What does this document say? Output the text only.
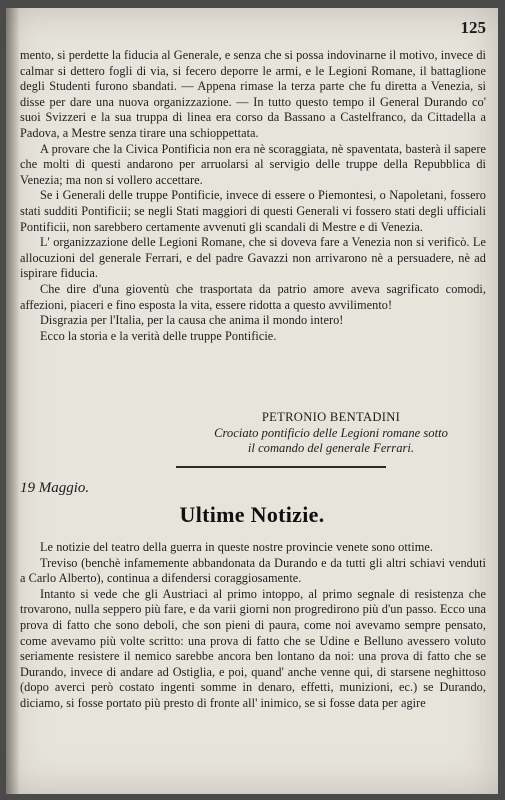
125

mento, si perdette la fiducia al Generale, e senza che si possa indovinarne il motivo, invece di calmar si dettero fogli di via, si fecero deporre le armi, e le Legioni Romane, il battaglione degli Studenti furono sbandati. — Appena rimase la terza parte che fu diretta a Venezia, si disse per dare una nuova organizzazione. — In tutto questo tempo il General Durando co' suoi Svizzeri e la sua truppa di linea era corso da Bassano a Castelfranco, da Cittadella a Padova, a Mestre senza tirare una schioppettata.

A provare che la Civica Pontificia non era nè scoraggiata, nè spaventata, basterà il sapere che molti di questi andarono per arruolarsi al servigio delle truppe della Repubblica di Venezia; ma non si vollero accettare.

Se i Generali delle truppe Pontificie, invece di essere o Piemontesi, o Napoletani, fossero stati sudditi Pontificii; se negli Stati maggiori di questi Generali vi fossero stati degli ufficiali Pontificii, non sarebbero certamente avvenuti gli scandali di Mestre e di Venezia.

L' organizzazione delle Legioni Romane, che si doveva fare a Venezia non si verificò. Le allocuzioni del generale Ferrari, e del padre Gavazzi non arrivarono nè a persuadere, nè ad ispirare fiducia.

Che dire d'una gioventù che trasportata da patrio amore aveva sagrificato comodi, affezioni, piaceri e fino esposta la vita, essere ridotta a questo avvilimento!

Disgrazia per l'Italia, per la causa che anima il mondo intero!

Ecco la storia e la verità delle truppe Pontificie.

PETRONIO BENTADINI
Crociato pontificio delle Legioni romane sotto
il comando del generale Ferrari.
19 Maggio.
Ultime Notizie.

Le notizie del teatro della guerra in queste nostre provincie venete sono ottime.

Treviso (benchè infamemente abbandonata da Durando e da tutti gli altri schiavi venduti a Carlo Alberto), continua a difendersi coraggiosamente.

Intanto si vede che gli Austriaci al primo intoppo, al primo segnale di resistenza che trovarono, nulla seppero più fare, e da varii giorni non progredirono più d'un passo. Ecco una prova di fatto che sono deboli, che son pieni di paura, come noi avevamo sempre pensato, come avevamo più volte scritto: una prova di fatto che se Udine e Belluno avessero voluto seriamente resistere il nemico sarebbe ancora ben lontano da noi: una prova di fatto che se Durando, invece di andare ad Ostiglia, e poi, quand' anche venne qui, di starsene neghittoso (dopo averci però costato ingenti somme in denaro, effetti, munizioni, ec.) se Durando, diciamo, si fosse portato più presto di fronte all' inimico, se si fosse data per agire
